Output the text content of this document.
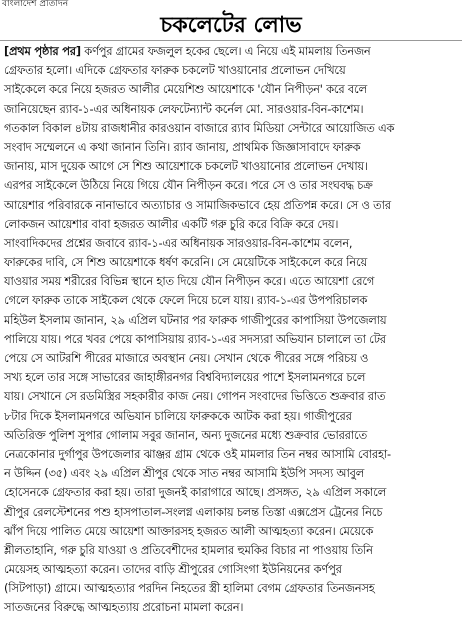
বাংলাদেশ প্রতিদিন
চকলেটের লোভ
[প্রথম পৃষ্ঠার পর] কর্ণপুর গ্রামের ফজলুল হকের ছেলে। এ নিয়ে এই মামলায় তিনজন
গ্রেফতার হলো। এদিকে গ্রেফতার ফারুক চকলেট খাওয়ানোর প্রলোভন দেখিয়ে
সাইকেলে করে নিয়ে হজরত আলীর মেয়েশিশু আয়েশাকে 'যৌন নিপীড়ন' করে বলে
জানিয়েছেন র‍্যাব-১-এর অধিনায়ক লেফটেন্যান্ট কর্নেল মো. সারওয়ার-বিন-কাশেম।
গতকাল বিকাল ৪টায় রাজধানীর কারওয়ান বাজারে র‍্যাব মিডিয়া সেন্টারে আয়োজিত এক
সংবাদ সম্মেলনে এ কথা জানান তিনি। র‍্যাব জানায়, প্রাথমিক জিজ্ঞাসাবাদে ফারুক
জানায়, মাস দুয়েক আগে সে শিশু আয়েশাকে চকলেট খাওয়ানোর প্রলোভন দেখায়।
এরপর সাইকেলে উঠিয়ে নিয়ে গিয়ে যৌন নিপীড়ন করে। পরে সে ও তার সংঘবদ্ধ চক্র
আয়েশার পরিবারকে নানাভাবে অত্যাচার ও সামাজিকভাবে হেয় প্রতিপন্ন করে। সে ও তার
লোকজন আয়েশার বাবা হজরত আলীর একটি গরু চুরি করে বিক্রি করে দেয়।
সাংবাদিকদের প্রশ্নের জবাবে র‍্যাব-১-এর অধিনায়ক সারওয়ার-বিন-কাশেম বলেন,
ফারুকের দাবি, সে শিশু আয়েশাকে ধর্ষণ করেনি। সে মেয়েটিকে সাইকেলে করে নিয়ে
যাওয়ার সময় শরীরের বিভিন্ন স্থানে হাত দিয়ে যৌন নিপীড়ন করে। এতে আয়েশা রেগে
গেলে ফারুক তাকে সাইকেল থেকে ফেলে দিয়ে চলে যায়। র‍্যাব-১-এর উপপরিচালক
মহিউল ইসলাম জানান, ২৯ এপ্রিল ঘটনার পর ফারুক গাজীপুরের কাপাসিয়া উপজেলায়
পালিয়ে যায়। পরে খবর পেয়ে কাপাসিয়ায় র‍্যাব-১-এর সদস্যরা অভিযান চালালে তা টের
পেয়ে সে আটরশি পীরের মাজারে অবস্থান নেয়। সেখান থেকে পীরের সঙ্গে পরিচয় ও
সখ্য হলে তার সঙ্গে সাভারের জাহাঙ্গীরনগর বিশ্ববিদ্যালয়ের পাশে ইসলামনগরে চলে
যায়। সেখানে সে রডমিস্ত্রির সহকারীর কাজ নেয়। গোপন সংবাদের ভিত্তিতে শুক্রবার রাত
৮টার দিকে ইসলামনগরে অভিযান চালিয়ে ফারুককে আটক করা হয়। গাজীপুরের
অতিরিক্ত পুলিশ সুপার গোলাম সবুর জানান, অন্য দুজনের মধ্যে শুক্রবার ভোররাতে
নেত্রকোনার দুর্গাপুর উপজেলার ঝাঞ্জর গ্রাম থেকে ওই মামলার তিন নম্বর আসামি বোরহা-
ন উদ্দিন (৩৫) এবং ২৯ এপ্রিল শ্রীপুর থেকে সাত নম্বর আসামি ইউপি সদস্য আবুল
হোসেনকে গ্রেফতার করা হয়। তারা দুজনই কারাগারে আছে। প্রসঙ্গত, ২৯ এপ্রিল সকালে
শ্রীপুর রেলস্টেশনের পশু হাসপাতাল-সংলগ্ন এলাকায় চলন্ত তিস্তা এক্সপ্রেস ট্রেনের নিচে
ঝাঁপ দিয়ে পালিত মেয়ে আয়েশা আক্তারসহ হজরত আলী আত্মহত্যা করেন। মেয়েকে
শ্লীলতাহানি, গরু চুরি যাওয়া ও প্রতিবেশীদের হামলার হুমকির বিচার না পাওয়ায় তিনি
মেয়েসহ আত্মহত্যা করেন। তাদের বাড়ি শ্রীপুরের গোসিংগা ইউনিয়নের কর্ণপুর
(সিটপাড়া) গ্রামে। আত্মহত্যার পরদিন নিহতের স্ত্রী হালিমা বেগম গ্রেফতার তিনজনসহ
সাতজনের বিরুদ্ধে আত্মহত্যায় প্ররোচনা মামলা করেন।
